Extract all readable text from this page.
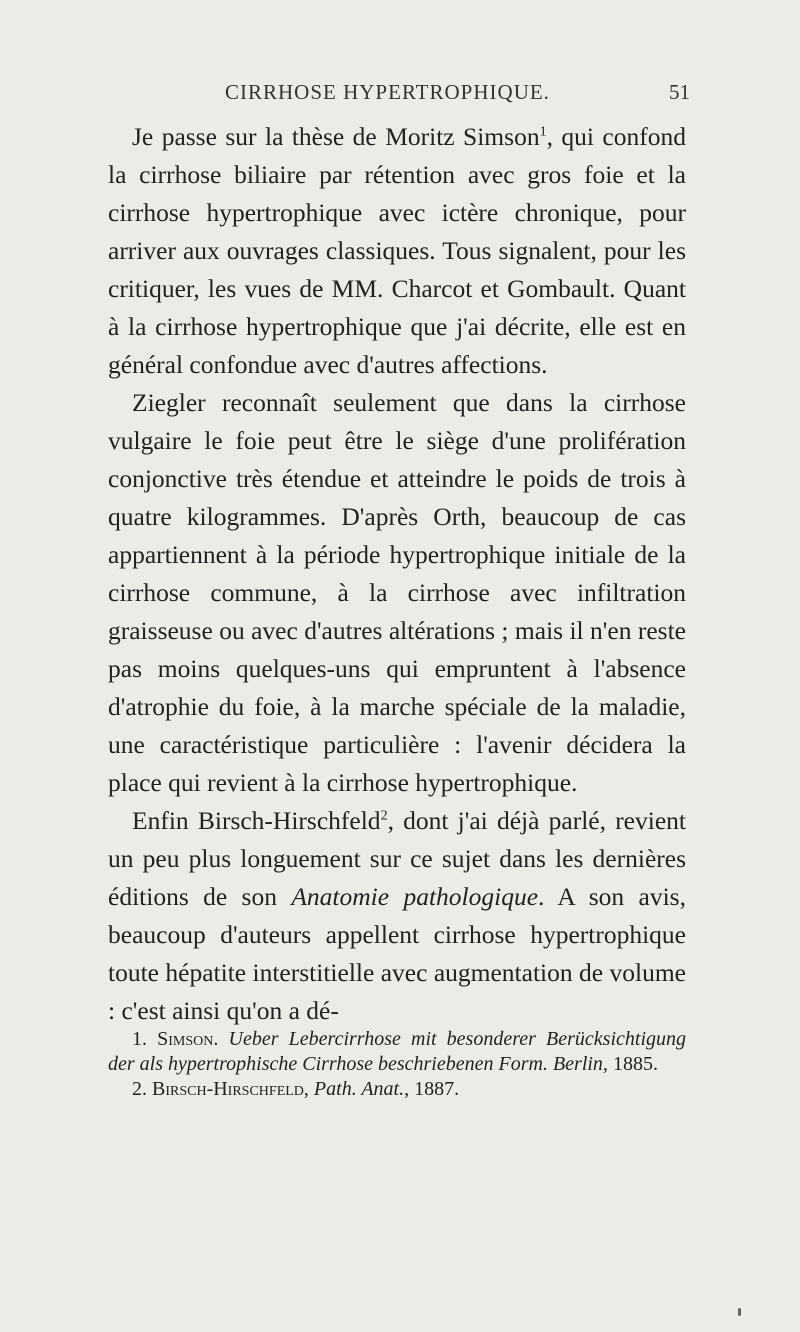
CIRRHOSE HYPERTROPHIQUE.	51

Je passe sur la thèse de Moritz Simson$^1$, qui confond la cirrhose biliaire par rétention avec gros foie et la cirrhose hypertrophique avec ictère chronique, pour arriver aux ouvrages classiques. Tous signalent, pour les critiquer, les vues de MM. Charcot et Gombault. Quant à la cirrhose hypertrophique que j'ai décrite, elle est en général confondue avec d'autres affections.

Ziegler reconnaît seulement que dans la cirrhose vulgaire le foie peut être le siège d'une prolifération conjonctive très étendue et atteindre le poids de trois à quatre kilogrammes. D'après Orth, beaucoup de cas appartiennent à la période hypertrophique initiale de la cirrhose commune, à la cirrhose avec infiltration graisseuse ou avec d'autres altérations ; mais il n'en reste pas moins quelques-uns qui empruntent à l'absence d'atrophie du foie, à la marche spéciale de la maladie, une caractéristique particulière : l'avenir décidera la place qui revient à la cirrhose hypertrophique.

Enfin Birsch-Hirschfeld$^2$, dont j'ai déjà parlé, revient un peu plus longuement sur ce sujet dans les dernières éditions de son Anatomie pathologique. A son avis, beaucoup d'auteurs appellent cirrhose hypertrophique toute hépatite interstitielle avec augmentation de volume : c'est ainsi qu'on a dé-

1. Simson. Ueber Lebercirrhose mit besonderer Berücksichtigung der als hypertrophische Cirrhose beschriebenen Form. Berlin, 1885.

2. Birsch-Hirschfeld, Path. Anat., 1887.
